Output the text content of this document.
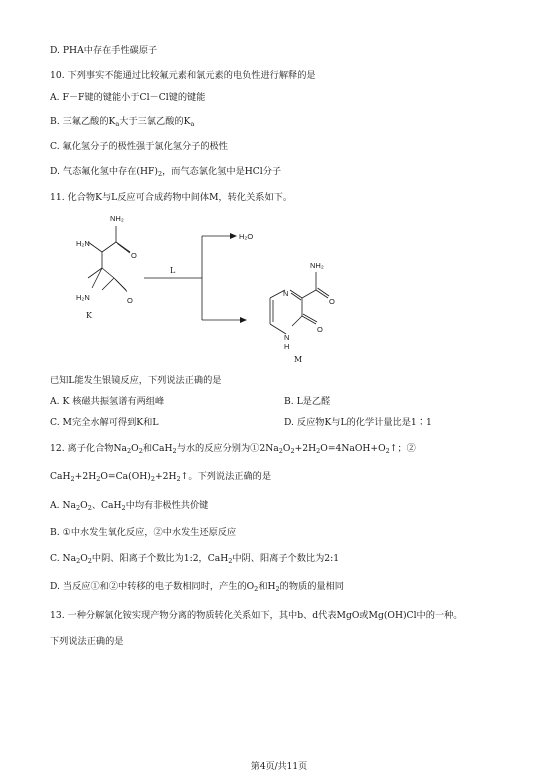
D. PHA中存在手性碳原子
10. 下列事实不能通过比较氟元素和氯元素的电负性进行解释的是
A. F－F键的键能小于Cl－Cl键的键能
B. 三氟乙酸的$K_a$大于三氯乙酸的$K_a$
C. 氟化氢分子的极性强于氯化氢分子的极性
D. 气态氟化氢中存在$(HF)_2$，而气态氯化氢中是HCl分子
11. 化合物K与L反应可合成药物中间体M，转化关系如下。
NH₂
H₂N
O
H₂N	O
K
L
H₂O
NH₂
O
N
N
H
O
M
已知L能发生银镜反应，下列说法正确的是
A. K 核磁共振氢谱有两组峰	B. L是乙醛
C. M完全水解可得到K和L	D. 反应物K与L的化学计量比是1∶1
12. 离子化合物$Na_2O_2$和CaH$_2$与水的反应分别为$①2Na_2O_2+2H_2O=4NaOH+O_2↑$；②
$CaH_2+2H_2O=Ca(OH)_2+2H_2↑$。下列说法正确的是
A. $Na_2O_2$、CaH$_2$中均有非极性共价键
B. ①中水发生氧化反应，②中水发生还原反应
C. $Na_2O_2$中阴、阳离子个数比为1:2，CaH$_2$中阴、阳离子个数比为2:1
D. 当反应①和②中转移的电子数相同时，产生的$O_2$和$H_2$的物质的量相同
13. 一种分解氯化铵实现产物分离的物质转化关系如下，其中b、d代表MgO或Mg(OH)Cl中的一种。
下列说法正确的是
第4页/共11页
